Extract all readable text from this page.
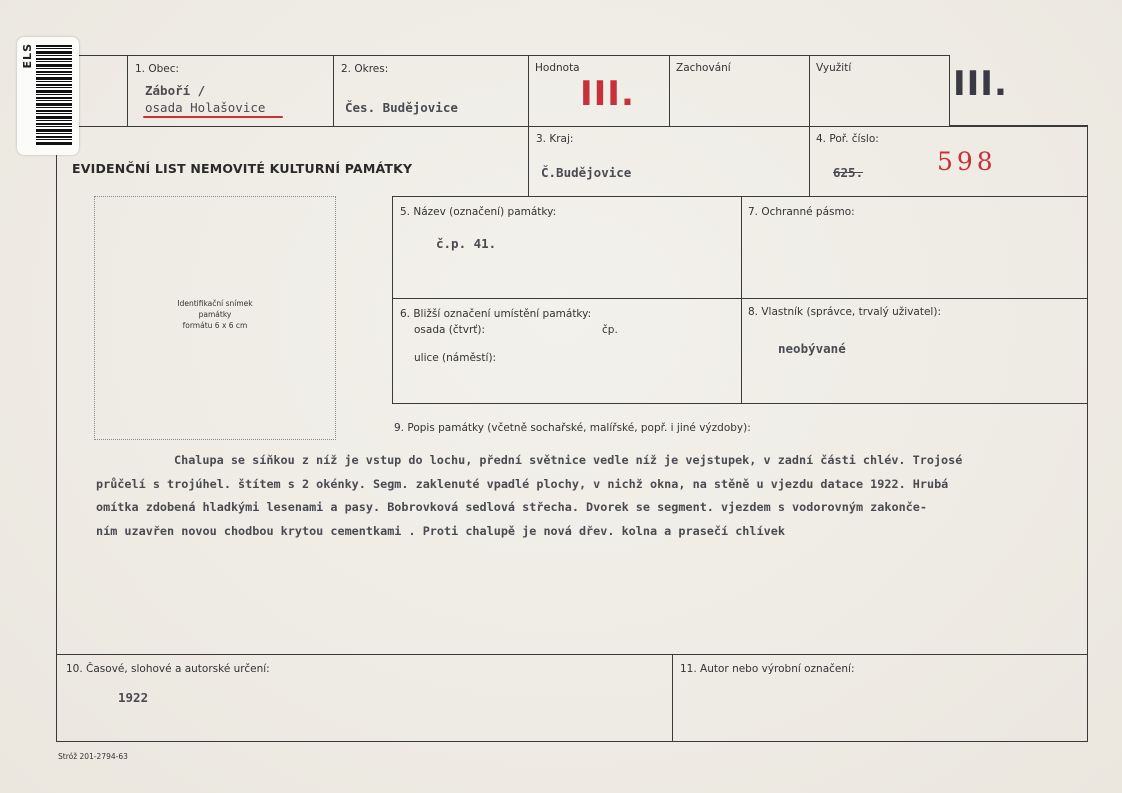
ELS
1. Obec:
Záboří /
osada Holašovice
2. Okres:
Čes. Budějovice
Hodnota
III.
Zachování	Využití	III.
EVIDENČNÍ LIST NEMOVITÉ KULTURNÍ PAMÁTKY
3. Kraj:
Č.Budějovice
4. Poř. číslo:
625.	598
Identifikační snímek
památky
formátu 6 x 6 cm
5. Název (označení) památky:
č.p. 41.
7. Ochranné pásmo:
6. Bližší označení umístění památky:
osada (čtvrť):	čp.
ulice (náměstí):
8. Vlastník (správce, trvalý uživatel):
neobývané
9. Popis památky (včetně sochařské, malířské, popř. i jiné výzdoby):
Chalupa se síňkou z níž je vstup do lochu, přední světnice vedle níž je vejstupek, v zadní části chlév. Trojosé
průčelí s trojúhel. štítem s 2 okénky. Segm. zaklenuté vpadlé plochy, v nichž okna, na stěně u vjezdu datace 1922. Hrubá
omítka zdobená hladkými lesenami a pasy. Bobrovková sedlová střecha. Dvorek se segment. vjezdem s vodorovným zakonče-
ním uzavřen novou chodbou krytou cementkami . Proti chalupě je nová dřev. kolna a prasečí chlívek
10. Časové, slohové a autorské určení:
1922
11. Autor nebo výrobní označení:
Stróž 201-2794-63
